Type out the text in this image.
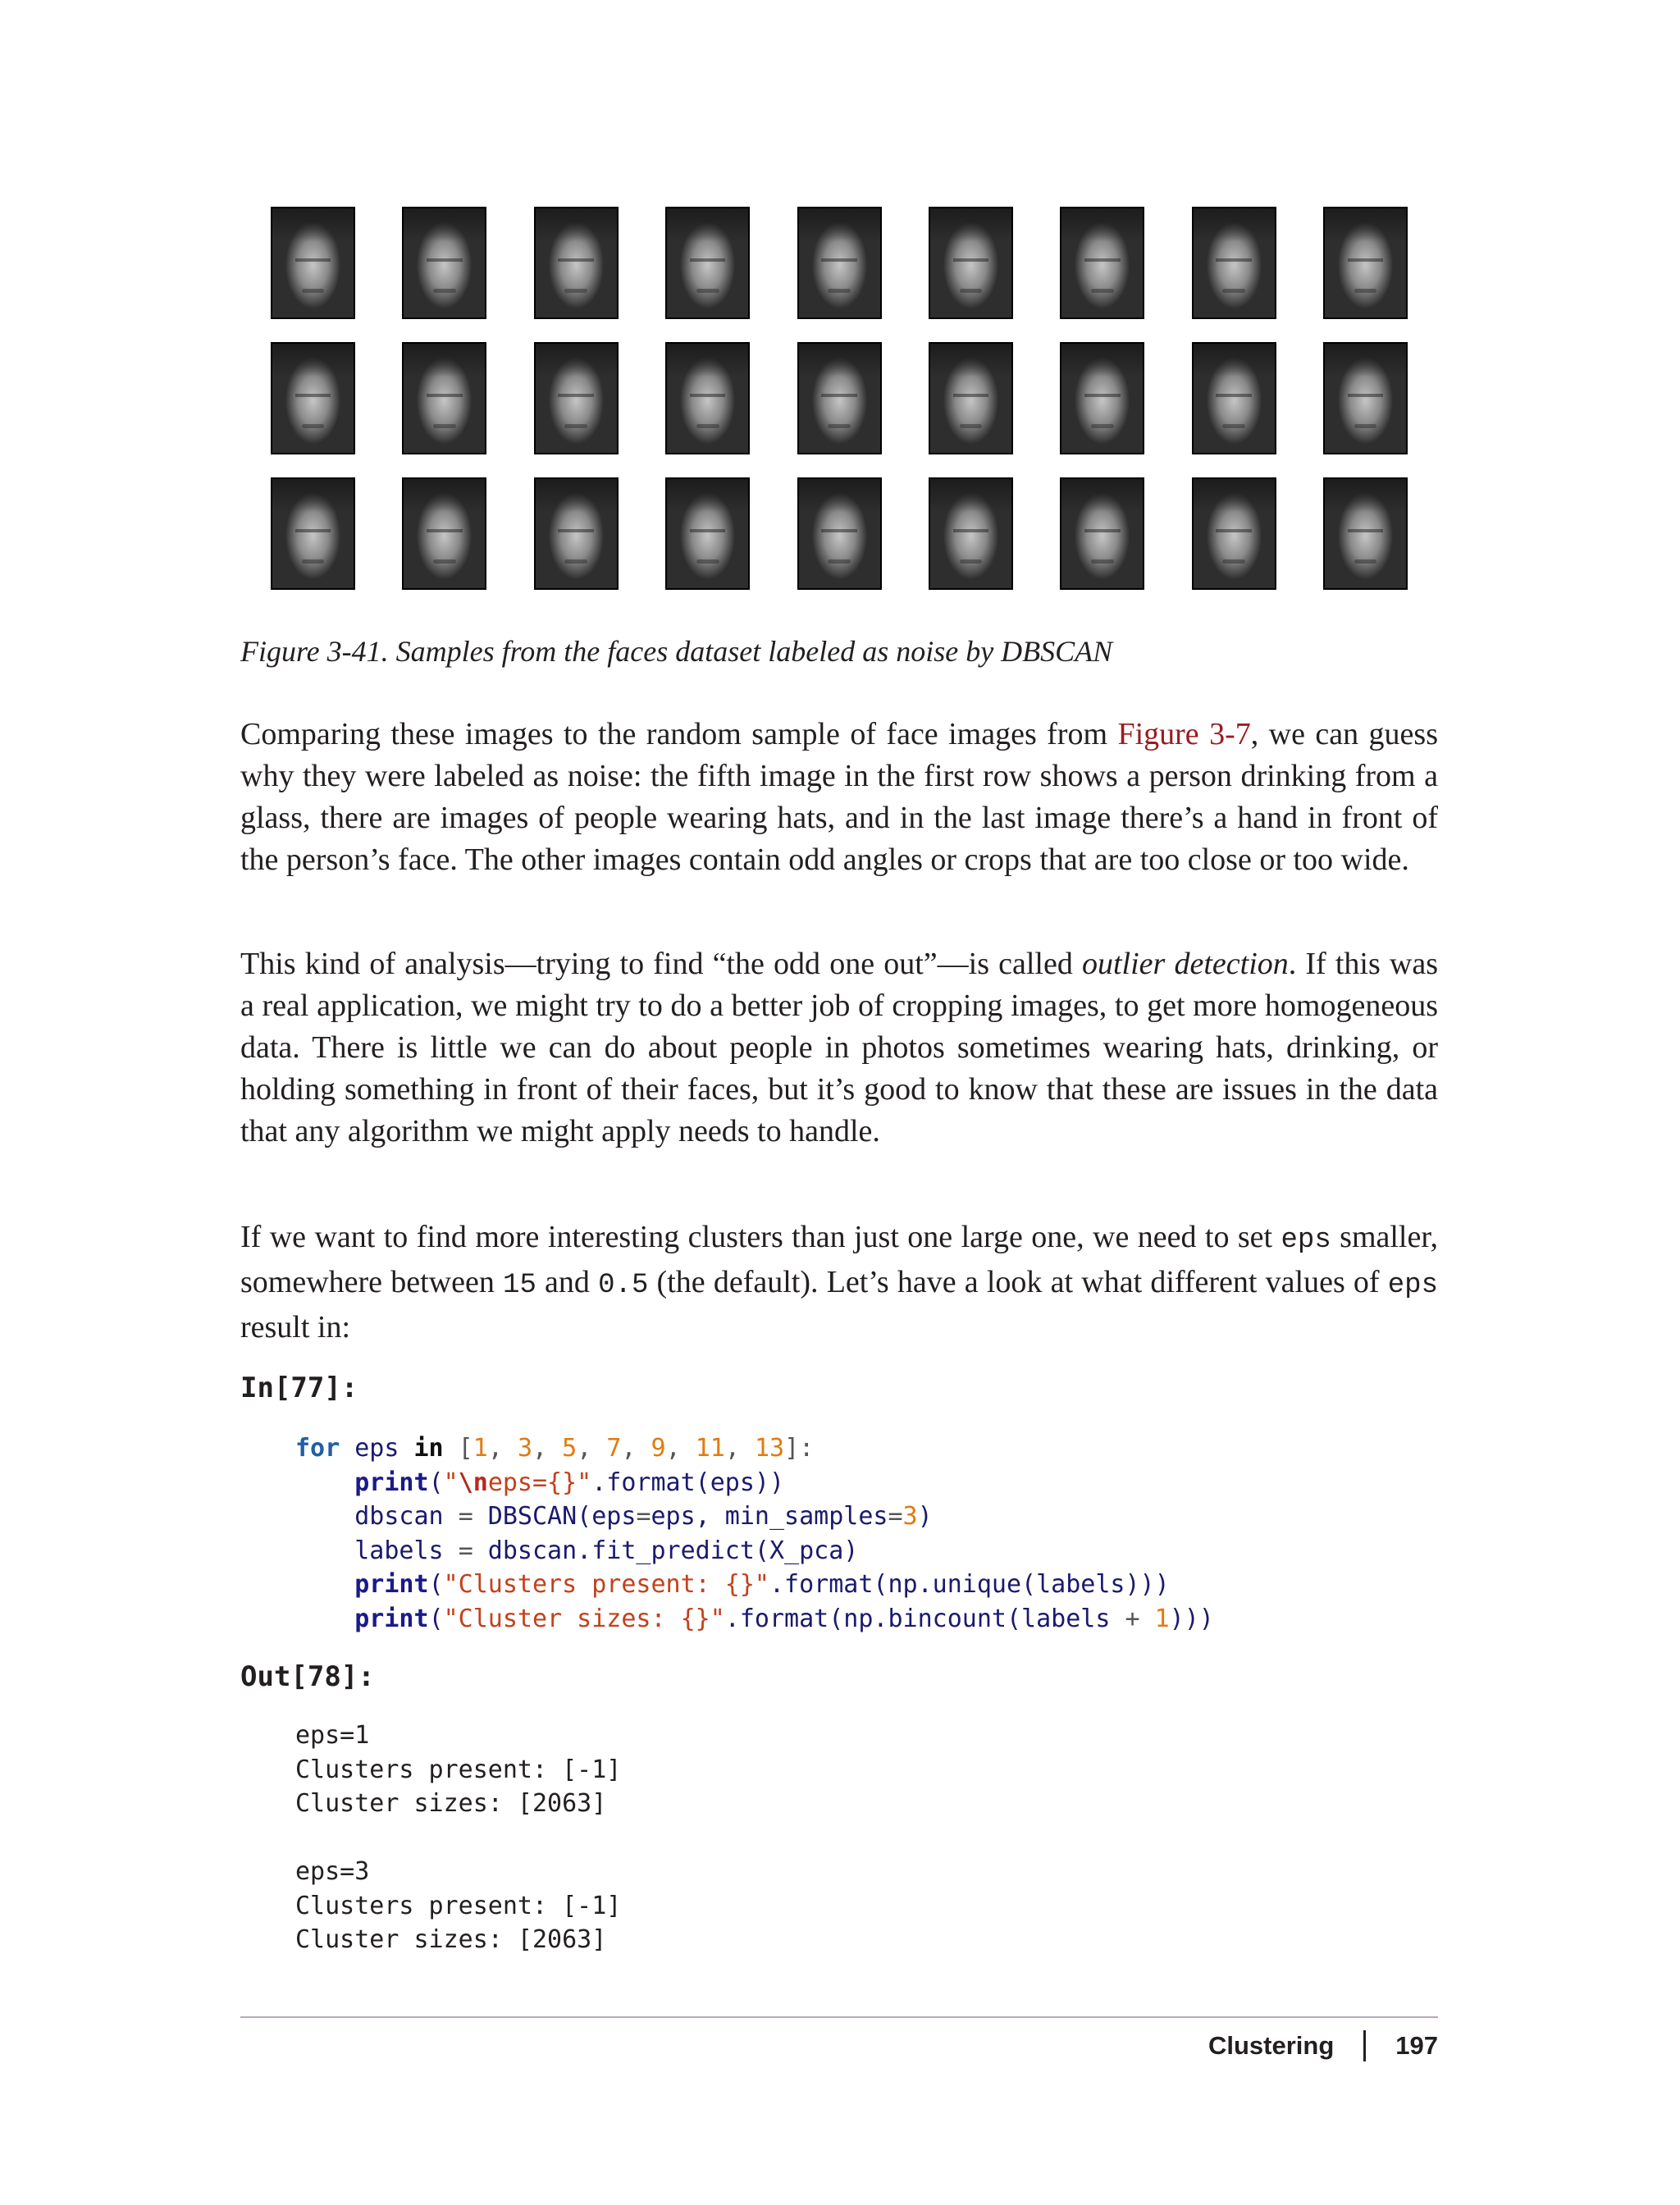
Figure 3-41. Samples from the faces dataset labeled as noise by DBSCAN

Comparing these images to the random sample of face images from Figure 3-7, we can guess why they were labeled as noise: the fifth image in the first row shows a person drinking from a glass, there are images of people wearing hats, and in the last image there’s a hand in front of the person’s face. The other images contain odd angles or crops that are too close or too wide.

This kind of analysis—trying to find “the odd one out”—is called outlier detection. If this was a real application, we might try to do a better job of cropping images, to get more homogeneous data. There is little we can do about people in photos sometimes wearing hats, drinking, or holding something in front of their faces, but it’s good to know that these are issues in the data that any algorithm we might apply needs to handle.

If we want to find more interesting clusters than just one large one, we need to set eps smaller, somewhere between 15 and 0.5 (the default). Let’s have a look at what different values of eps result in:

In[77]:
for eps in [1, 3, 5, 7, 9, 11, 13]:
print("\neps={}".format(eps))
dbscan = DBSCAN(eps=eps, min_samples=3)
labels = dbscan.fit_predict(X_pca)
print("Clusters present: {}".format(np.unique(labels)))
print("Cluster sizes: {}".format(np.bincount(labels + 1)))
Out[78]:
eps=1
Clusters present: [-1]
Cluster sizes: [2063]

eps=3
Clusters present: [-1]
Cluster sizes: [2063]
Clustering 197
